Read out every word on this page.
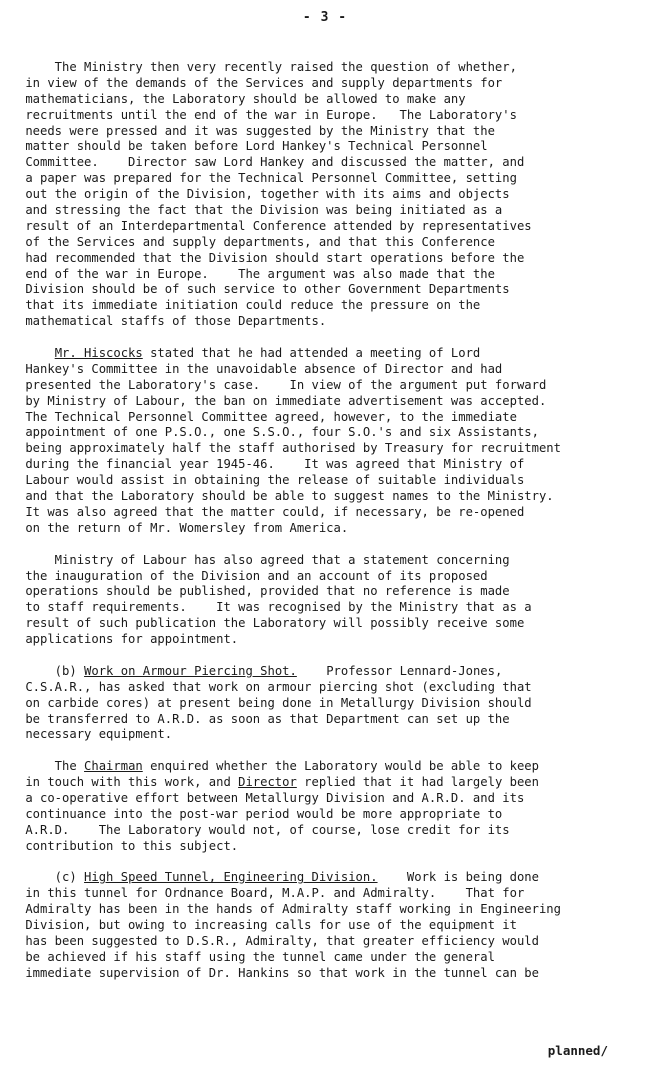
- 3 -
The Ministry then very recently raised the question of whether,
in view of the demands of the Services and supply departments for
mathematicians, the Laboratory should be allowed to make any
recruitments until the end of the war in Europe.   The Laboratory's
needs were pressed and it was suggested by the Ministry that the
matter should be taken before Lord Hankey's Technical Personnel
Committee.    Director saw Lord Hankey and discussed the matter, and
a paper was prepared for the Technical Personnel Committee, setting
out the origin of the Division, together with its aims and objects
and stressing the fact that the Division was being initiated as a
result of an Interdepartmental Conference attended by representatives
of the Services and supply departments, and that this Conference
had recommended that the Division should start operations before the
end of the war in Europe.    The argument was also made that the
Division should be of such service to other Government Departments
that its immediate initiation could reduce the pressure on the
mathematical staffs of those Departments.
Mr. Hiscocks stated that he had attended a meeting of Lord
Hankey's Committee in the unavoidable absence of Director and had
presented the Laboratory's case.    In view of the argument put forward
by Ministry of Labour, the ban on immediate advertisement was accepted.
The Technical Personnel Committee agreed, however, to the immediate
appointment of one P.S.O., one S.S.O., four S.O.'s and six Assistants,
being approximately half the staff authorised by Treasury for recruitment
during the financial year 1945-46.    It was agreed that Ministry of
Labour would assist in obtaining the release of suitable individuals
and that the Laboratory should be able to suggest names to the Ministry.
It was also agreed that the matter could, if necessary, be re-opened
on the return of Mr. Womersley from America.
Ministry of Labour has also agreed that a statement concerning
the inauguration of the Division and an account of its proposed
operations should be published, provided that no reference is made
to staff requirements.    It was recognised by the Ministry that as a
result of such publication the Laboratory will possibly receive some
applications for appointment.
(b) Work on Armour Piercing Shot.    Professor Lennard-Jones,
C.S.A.R., has asked that work on armour piercing shot (excluding that
on carbide cores) at present being done in Metallurgy Division should
be transferred to A.R.D. as soon as that Department can set up the
necessary equipment.
The Chairman enquired whether the Laboratory would be able to keep
in touch with this work, and Director replied that it had largely been
a co-operative effort between Metallurgy Division and A.R.D. and its
continuance into the post-war period would be more appropriate to
A.R.D.    The Laboratory would not, of course, lose credit for its
contribution to this subject.
(c) High Speed Tunnel, Engineering Division.    Work is being done
in this tunnel for Ordnance Board, M.A.P. and Admiralty.    That for
Admiralty has been in the hands of Admiralty staff working in Engineering
Division, but owing to increasing calls for use of the equipment it
has been suggested to D.S.R., Admiralty, that greater efficiency would
be achieved if his staff using the tunnel came under the general
immediate supervision of Dr. Hankins so that work in the tunnel can be
planned/
